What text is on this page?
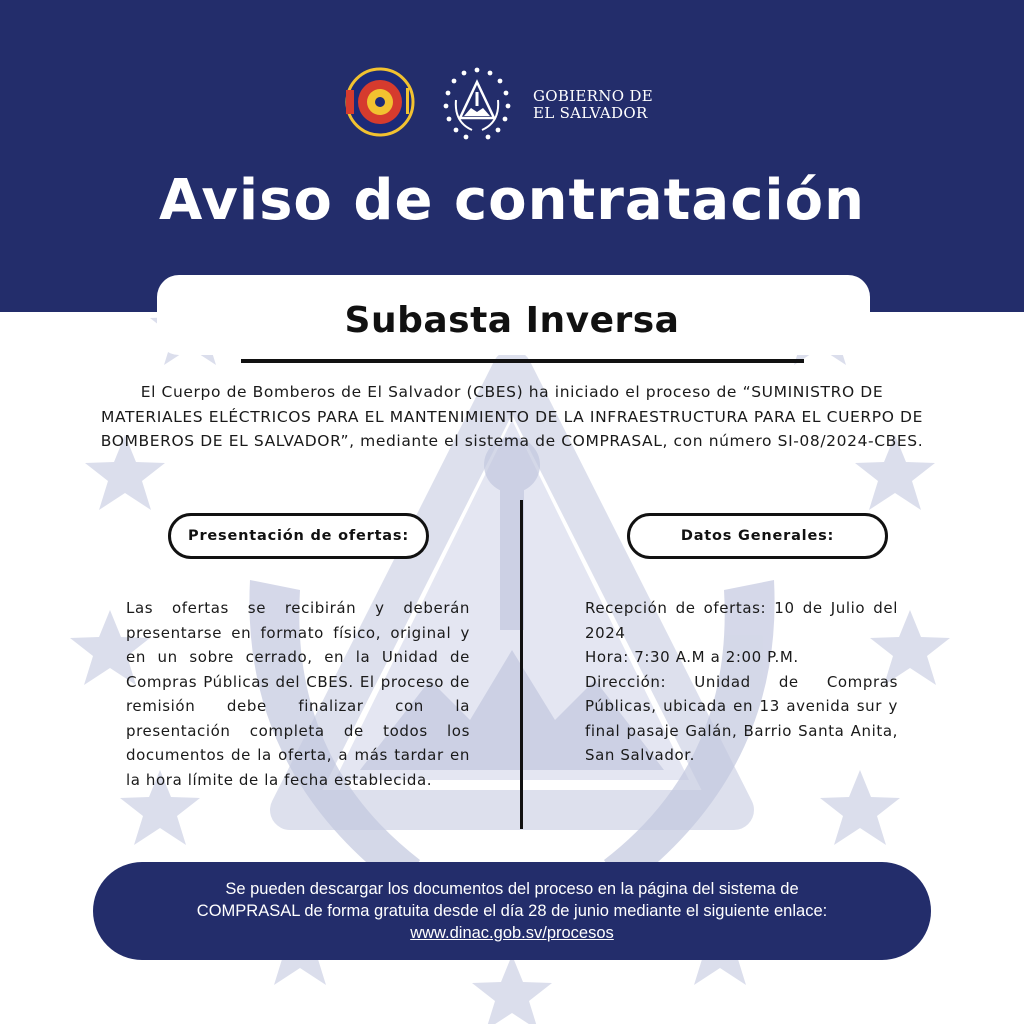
GOBIERNO DE
EL SALVADOR
Aviso de contratación
Subasta Inversa

El Cuerpo de Bomberos de El Salvador (CBES) ha iniciado el proceso de “SUMINISTRO DE MATERIALES ELÉCTRICOS PARA EL MANTENIMIENTO DE LA INFRAESTRUCTURA PARA EL CUERPO DE BOMBEROS DE EL SALVADOR”, mediante el sistema de COMPRASAL, con número SI-08/2024-CBES.

Presentación de ofertas:	Datos Generales:

Las ofertas se recibirán y deberán presentarse en formato físico, original y en un sobre cerrado, en la Unidad de Compras Públicas del CBES. El proceso de remisión debe finalizar con la presentación completa de todos los documentos de la oferta, a más tardar en la hora límite de la fecha establecida.

Recepción de ofertas: 10 de Julio del 2024

Hora: 7:30 A.M a 2:00 P.M.

Dirección: Unidad de Compras Públicas, ubicada en 13 avenida sur y final pasaje Galán, Barrio Santa Anita, San Salvador.

Se pueden descargar los documentos del proceso en la página del sistema de
COMPRASAL de forma gratuita desde el día 28 de junio mediante el siguiente enlace:
www.dinac.gob.sv/procesos
